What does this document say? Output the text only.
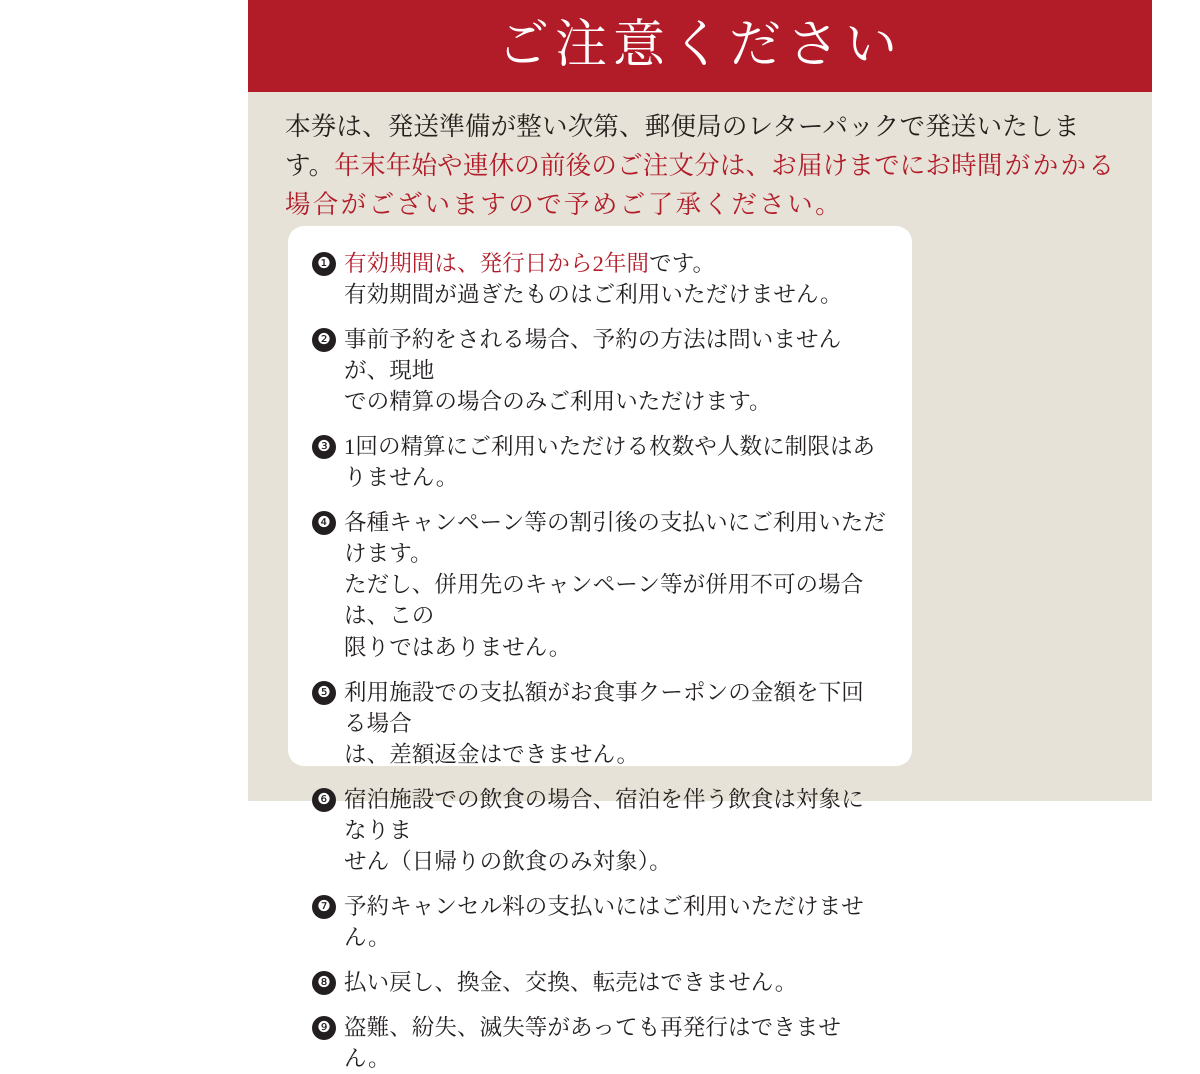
ご注意ください
本券は、発送準備が整い次第、郵便局のレターパックで発送いたします。年末年始や連休の前後のご注文分は、お届けまでにお時間がかかる場合がございますので予めご了承ください。
❶ 有効期間は、発行日から2年間です。
有効期間が過ぎたものはご利用いただけません。
❷ 事前予約をされる場合、予約の方法は問いませんが、現地
での精算の場合のみご利用いただけます。
❸ 1回の精算にご利用いただける枚数や人数に制限はありません。
❹ 各種キャンペーン等の割引後の支払いにご利用いただけます。
ただし、併用先のキャンペーン等が併用不可の場合は、この
限りではありません。
❺ 利用施設での支払額がお食事クーポンの金額を下回る場合
は、差額返金はできません。
❻ 宿泊施設での飲食の場合、宿泊を伴う飲食は対象になりま
せん（日帰りの飲食のみ対象）。
❼ 予約キャンセル料の支払いにはご利用いただけません。
❽ 払い戻し、換金、交換、転売はできません。
❾ 盗難、紛失、滅失等があっても再発行はできません。
